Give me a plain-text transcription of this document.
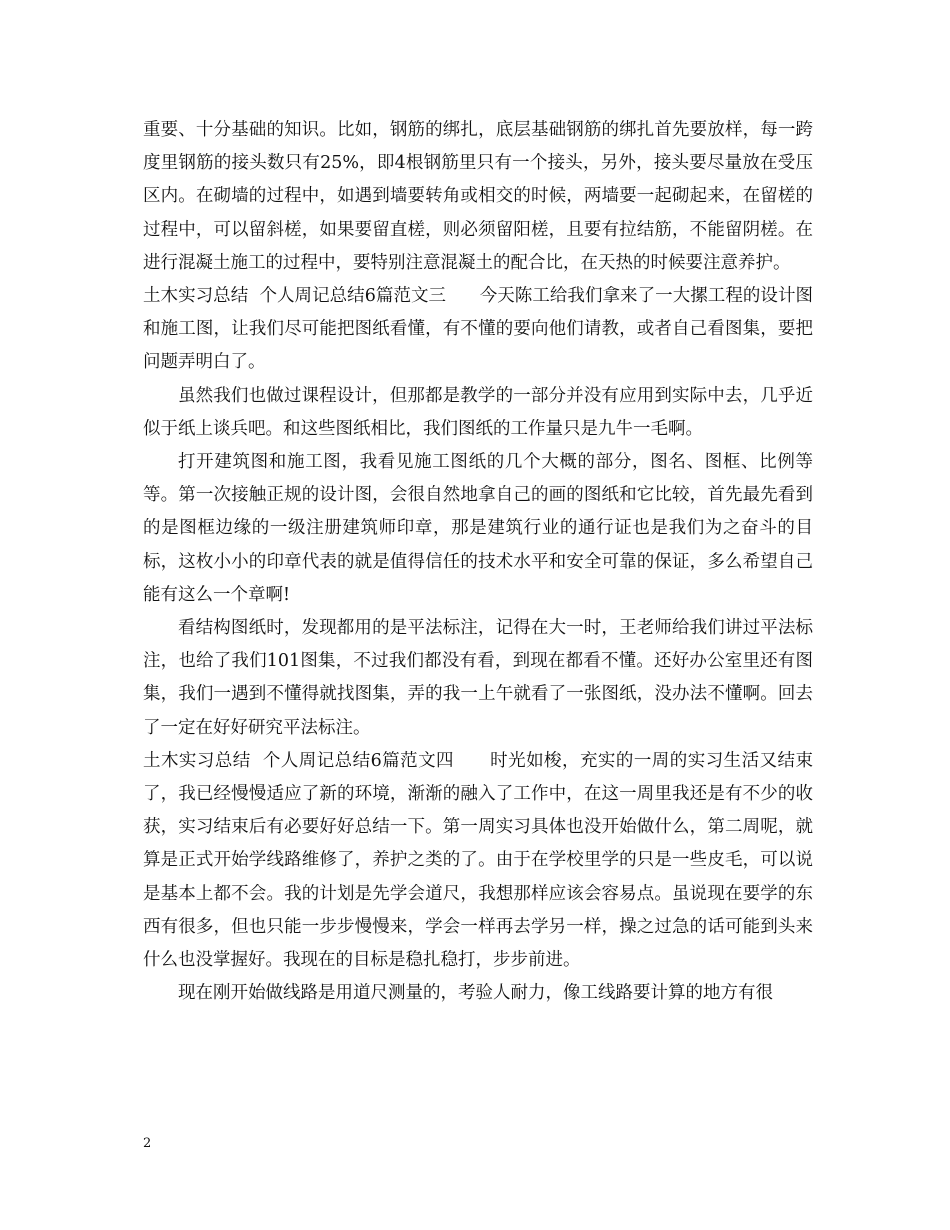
重要、十分基础的知识。比如，钢筋的绑扎，底层基础钢筋的绑扎首先要放样，每一跨度里钢筋的接头数只有25%，即4根钢筋里只有一个接头，另外，接头要尽量放在受压区内。在砌墙的过程中，如遇到墙要转角或相交的时候，两墙要一起砌起来，在留槎的过程中，可以留斜槎，如果要留直槎，则必须留阳槎，且要有拉结筋，不能留阴槎。在进行混凝土施工的过程中，要特别注意混凝土的配合比，在天热的时候要注意养护。

土木实习总结  个人周记总结6篇范文三      今天陈工给我们拿来了一大摞工程的设计图和施工图，让我们尽可能把图纸看懂，有不懂的要向他们请教，或者自己看图集，要把问题弄明白了。

虽然我们也做过课程设计，但那都是教学的一部分并没有应用到实际中去，几乎近似于纸上谈兵吧。和这些图纸相比，我们图纸的工作量只是九牛一毛啊。

打开建筑图和施工图，我看见施工图纸的几个大概的部分，图名、图框、比例等等。第一次接触正规的设计图，会很自然地拿自己的画的图纸和它比较，首先最先看到的是图框边缘的一级注册建筑师印章，那是建筑行业的通行证也是我们为之奋斗的目标，这枚小小的印章代表的就是值得信任的技术水平和安全可靠的保证，多么希望自己能有这么一个章啊!

看结构图纸时，发现都用的是平法标注，记得在大一时，王老师给我们讲过平法标注，也给了我们101图集，不过我们都没有看，到现在都看不懂。还好办公室里还有图集，我们一遇到不懂得就找图集，弄的我一上午就看了一张图纸，没办法不懂啊。回去了一定在好好研究平法标注。

土木实习总结  个人周记总结6篇范文四      时光如梭，充实的一周的实习生活又结束了，我已经慢慢适应了新的环境，渐渐的融入了工作中，在这一周里我还是有不少的收获，实习结束后有必要好好总结一下。第一周实习具体也没开始做什么，第二周呢，就算是正式开始学线路维修了，养护之类的了。由于在学校里学的只是一些皮毛，可以说是基本上都不会。我的计划是先学会道尺，我想那样应该会容易点。虽说现在要学的东西有很多，但也只能一步步慢慢来，学会一样再去学另一样，操之过急的话可能到头来什么也没掌握好。我现在的目标是稳扎稳打，步步前进。

现在刚开始做线路是用道尺测量的，考验人耐力，像工线路要计算的地方有很

2
